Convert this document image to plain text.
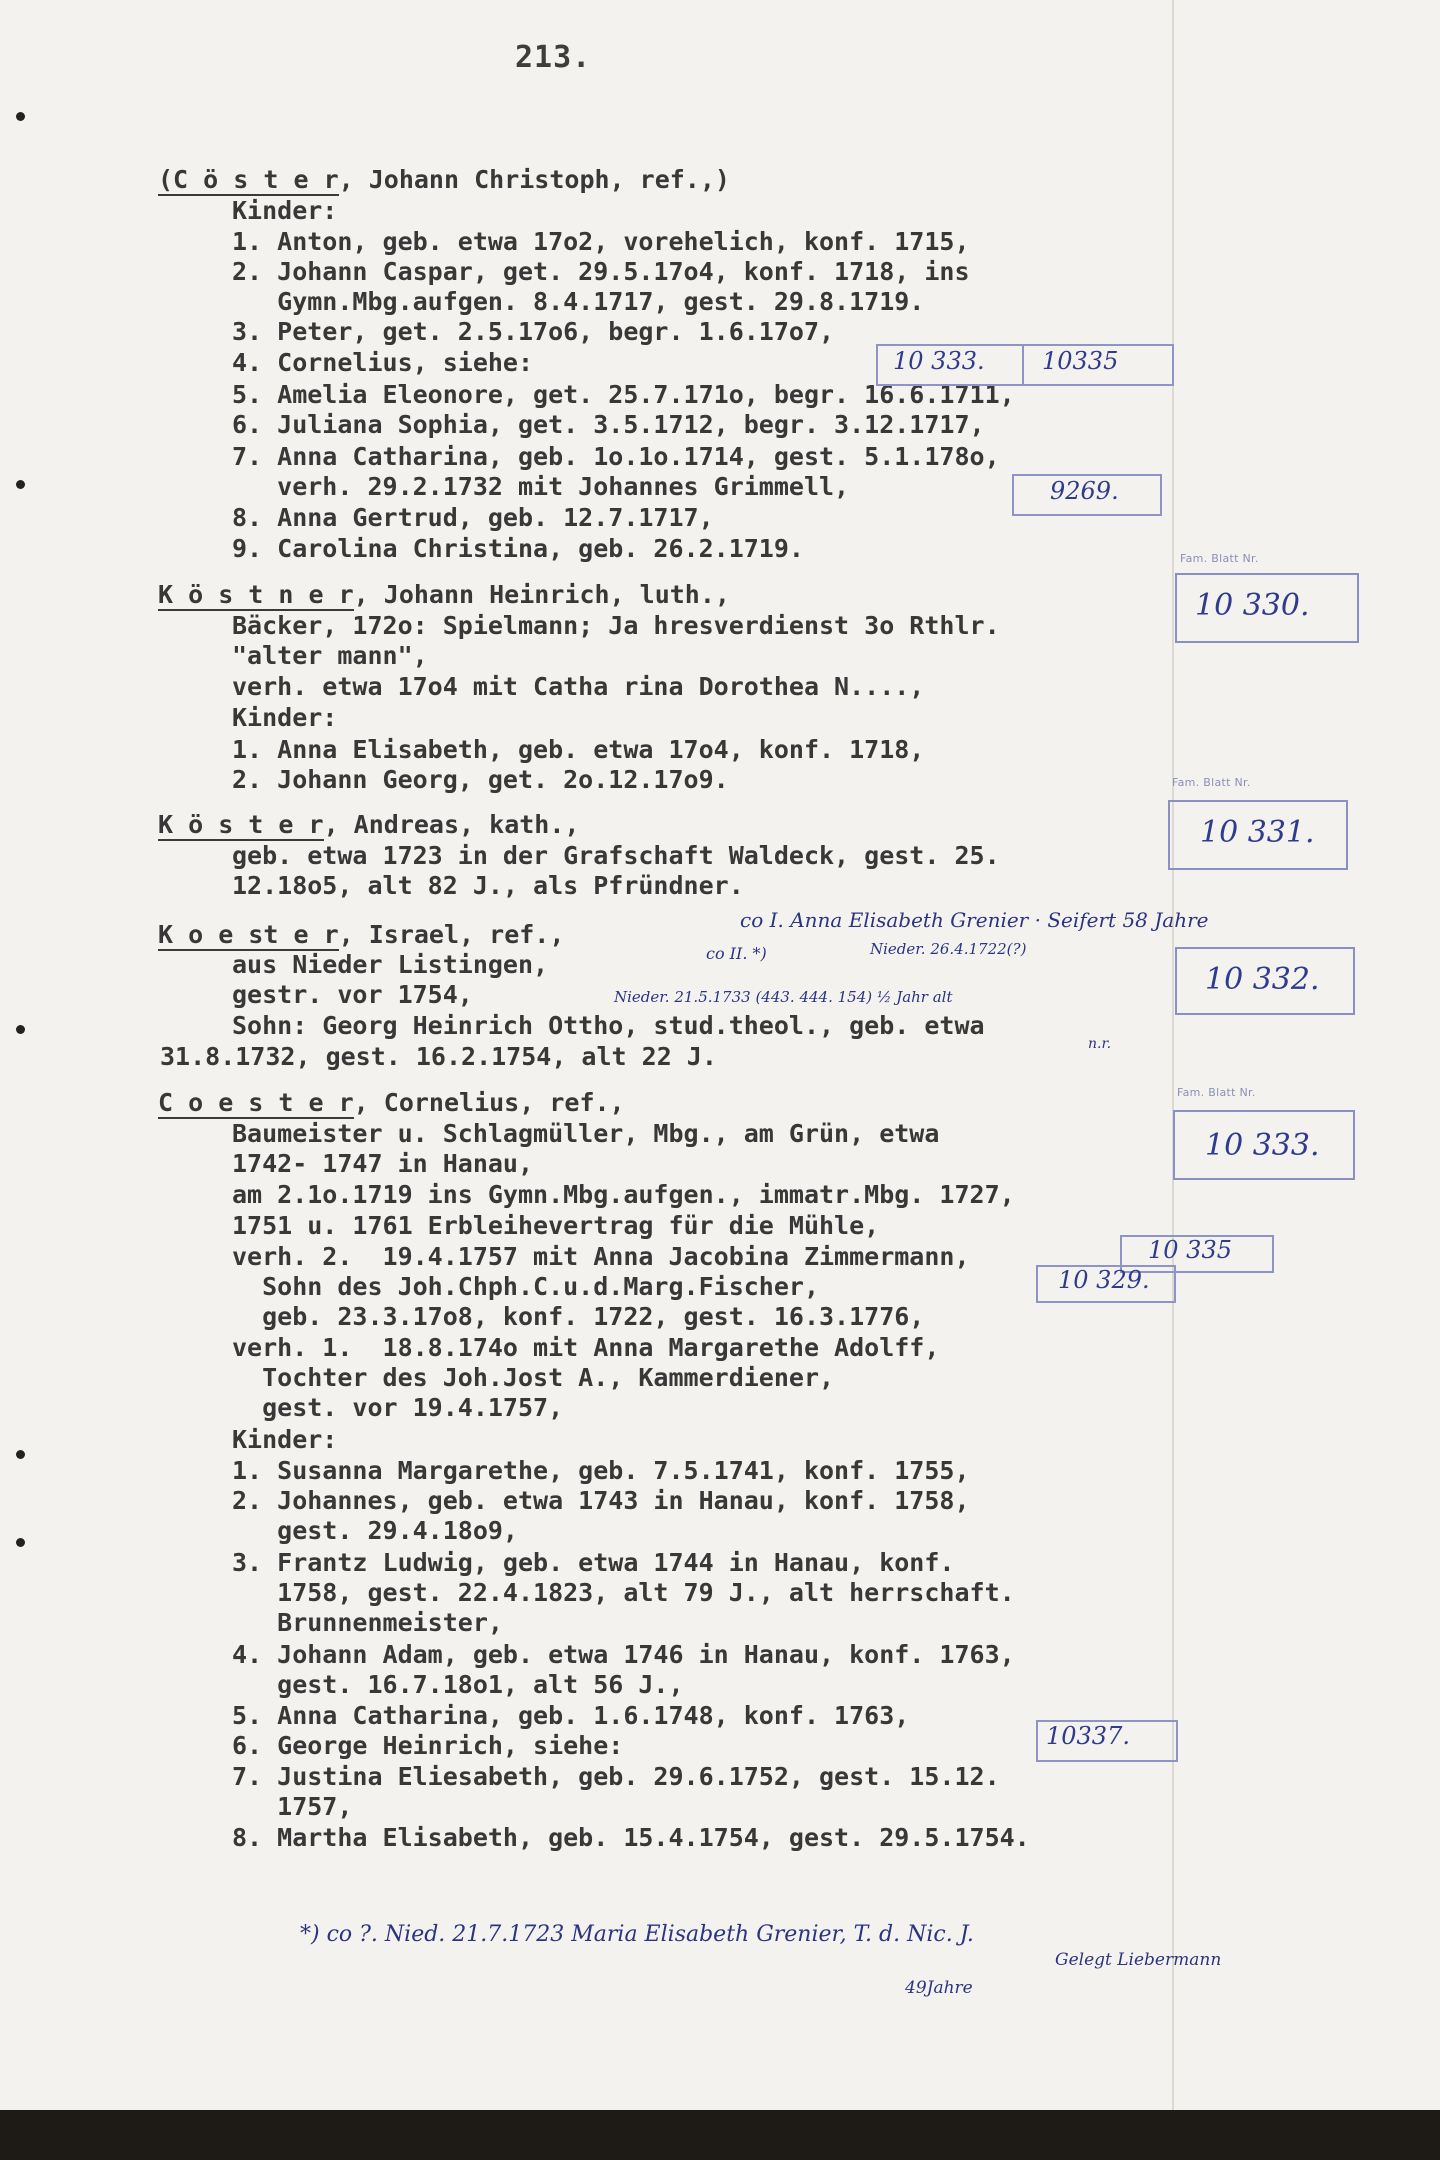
213.
(C ö s t e r, Johann Christoph, ref.,)
Kinder:
1. Anton, geb. etwa 17o2, vorehelich, konf. 1715,
2. Johann Caspar, get. 29.5.17o4, konf. 1718, ins
Gymn.Mbg.aufgen. 8.4.1717, gest. 29.8.1719.
3. Peter, get. 2.5.17o6, begr. 1.6.17o7,
4. Cornelius, siehe:
5. Amelia Eleonore, get. 25.7.171o, begr. 16.6.1711,
6. Juliana Sophia, get. 3.5.1712, begr. 3.12.1717,
7. Anna Catharina, geb. 1o.1o.1714, gest. 5.1.178o,
verh. 29.2.1732 mit Johannes Grimmell,
8. Anna Gertrud, geb. 12.7.1717,
9. Carolina Christina, geb. 26.2.1719.
K ö s t n e r, Johann Heinrich, luth.,
Bäcker, 172o: Spielmann; Ja hresverdienst 3o Rthlr.
"alter mann",
verh. etwa 17o4 mit Catha rina Dorothea N....,
Kinder:
1. Anna Elisabeth, geb. etwa 17o4, konf. 1718,
2. Johann Georg, get. 2o.12.17o9.
K ö s t e r, Andreas, kath.,
geb. etwa 1723 in der Grafschaft Waldeck, gest. 25.
12.18o5, alt 82 J., als Pfründner.
K o e st e r, Israel, ref.,
aus Nieder Listingen,
gestr. vor 1754,
Sohn: Georg Heinrich Ottho, stud.theol., geb. etwa
31.8.1732, gest. 16.2.1754, alt 22 J.
C o e s t e r, Cornelius, ref.,
Baumeister u. Schlagmüller, Mbg., am Grün, etwa
1742- 1747 in Hanau,
am 2.1o.1719 ins Gymn.Mbg.aufgen., immatr.Mbg. 1727,
1751 u. 1761 Erbleihevertrag für die Mühle,
verh. 2.  19.4.1757 mit Anna Jacobina Zimmermann,
Sohn des Joh.Chph.C.u.d.Marg.Fischer,
geb. 23.3.17o8, konf. 1722, gest. 16.3.1776,
verh. 1.  18.8.174o mit Anna Margarethe Adolff,
Tochter des Joh.Jost A., Kammerdiener,
gest. vor 19.4.1757,
Kinder:
1. Susanna Margarethe, geb. 7.5.1741, konf. 1755,
2. Johannes, geb. etwa 1743 in Hanau, konf. 1758,
gest. 29.4.18o9,
3. Frantz Ludwig, geb. etwa 1744 in Hanau, konf.
1758, gest. 22.4.1823, alt 79 J., alt herrschaft.
Brunnenmeister,
4. Johann Adam, geb. etwa 1746 in Hanau, konf. 1763,
gest. 16.7.18o1, alt 56 J.,
5. Anna Catharina, geb. 1.6.1748, konf. 1763,
6. George Heinrich, siehe:
7. Justina Eliesabeth, geb. 29.6.1752, gest. 15.12.
1757,
8. Martha Elisabeth, geb. 15.4.1754, gest. 29.5.1754.
Fam. Blatt Nr.
10 330.
Fam. Blatt Nr.
10 331.
10 332.
Fam. Blatt Nr.
10 333.
10 333. 10335
9269.
10 335
10 329.
10337.
co I. Anna Elisabeth Grenier · Seifert 58 Jahre
co II. *)	Nieder. 26.4.1722(?)
Nieder. 21.5.1733 (443. 444. 154) ½ Jahr alt
n.r.
*) co ?. Nied. 21.7.1723 Maria Elisabeth Grenier, T. d. Nic. J.
49Jahre
Gelegt Liebermann
